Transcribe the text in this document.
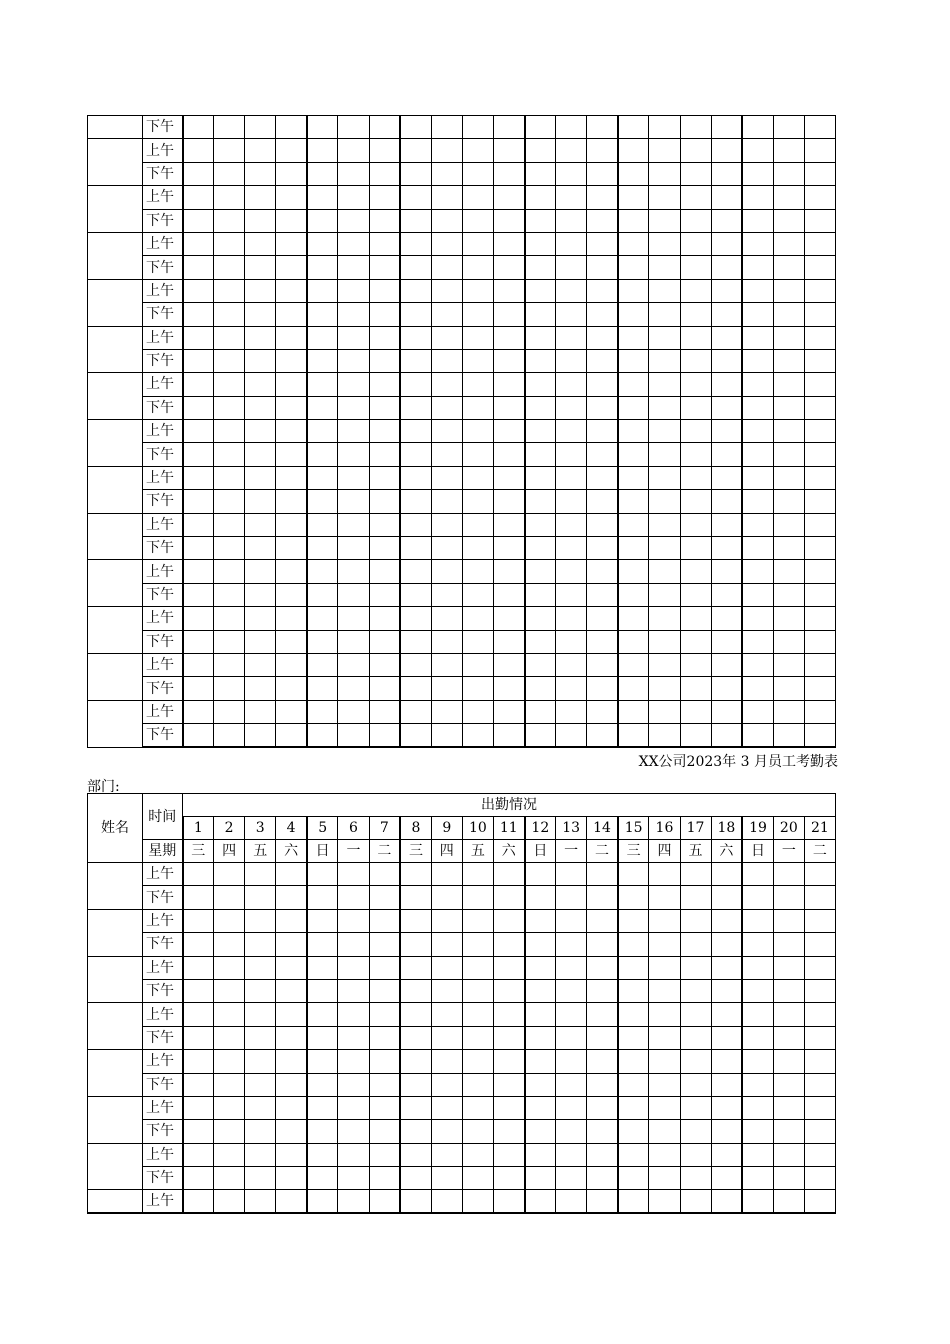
	下午																					
	上午																					
	下午																					
	上午																					
	下午																					
	上午																					
	下午																					
	上午																					
	下午																					
	上午																					
	下午																					
	上午																					
	下午																					
	上午																					
	下午																					
	上午																					
	下午																					
	上午																					
	下午																					
	上午																					
	下午																					
	上午																					
	下午																					
	上午																					
	下午																					
	上午																					
	下午																					
XX公司2023年 3 月员工考勤表
部门:
姓名	时间	出勤情况																				
		1	2	3	4	5	6	7	8	9	10	11	12	13	14	15	16	17	18	19	20	21
	星期	三	四	五	六	日	一	二	三	四	五	六	日	一	二	三	四	五	六	日	一	二
	上午																					
	下午																					
	上午																					
	下午																					
	上午																					
	下午																					
	上午																					
	下午																					
	上午																					
	下午																					
	上午																					
	下午																					
	上午																					
	下午																					
	上午																					
